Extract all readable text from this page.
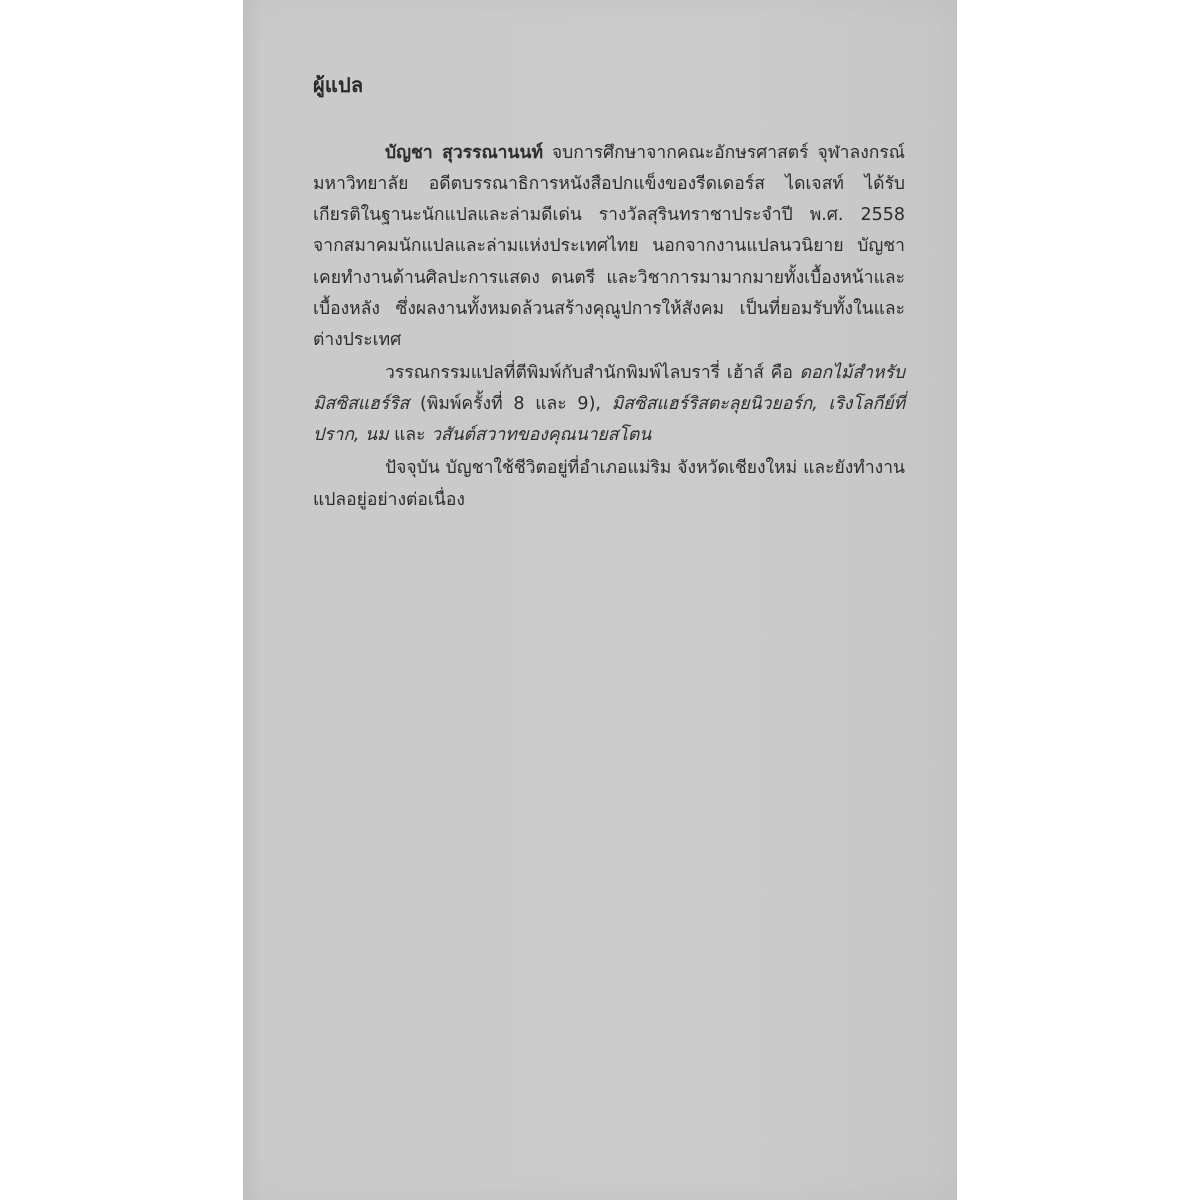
ผู้แปล

บัญชา สุวรรณานนท์ จบการศึกษาจากคณะอักษรศาสตร์ จุฬาลงกรณ์มหาวิทยาลัย อดีตบรรณาธิการหนังสือปกแข็งของรีดเดอร์ส ไดเจสท์ ได้รับเกียรติในฐานะนักแปลและล่ามดีเด่น รางวัลสุรินทราชาประจำปี พ.ศ. 2558 จากสมาคมนักแปลและล่ามแห่งประเทศไทย นอกจากงานแปลนวนิยาย บัญชาเคยทำงานด้านศิลปะการแสดง ดนตรี และวิชาการมามากมายทั้งเบื้องหน้าและเบื้องหลัง ซึ่งผลงานทั้งหมดล้วนสร้างคุณูปการให้สังคม เป็นที่ยอมรับทั้งในและต่างประเทศ

วรรณกรรมแปลที่ตีพิมพ์กับสำนักพิมพ์ไลบรารี่ เฮ้าส์ คือ ดอกไม้สำหรับมิสซิสแฮร์ริส (พิมพ์ครั้งที่ 8 และ 9), มิสซิสแฮร์ริสตะลุยนิวยอร์ก, เริงโลกีย์ที่ปราก, นม และ วสันต์สวาทของคุณนายสโตน

ปัจจุบัน บัญชาใช้ชีวิตอยู่ที่อำเภอแม่ริม จังหวัดเชียงใหม่ และยังทำงานแปลอยู่อย่างต่อเนื่อง
